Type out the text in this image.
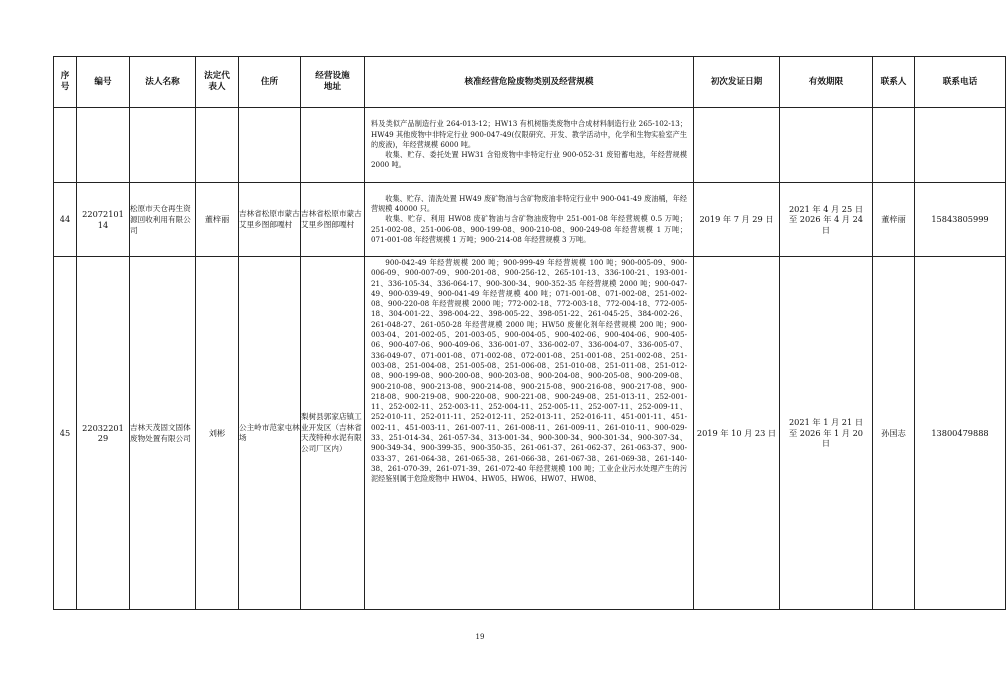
序号	编号	法人名称	法定代表人	住所	经营设施地址	核准经营危险废物类别及经营规模	初次发证日期	有效期限	联系人	联系电话

						料及类似产品制造行业 264-013-12；HW13 有机树脂类废物中合成材料制造行业 265-102-13；HW49 其他废物中非特定行业 900-047-49(仅限研究、开发、教学活动中，化学和生物实验室产生的废液)，年经营规模 6000 吨。

收集、贮存、委托处置 HW31 含铅废物中非特定行业 900-052-31 废铅蓄电池，年经营规模 2000 吨。				

44	2207210114	松原市天仓再生资源回收利用有限公司	董梓丽	吉林省松原市蒙古艾里乡图郎嘎村	吉林省松原市蒙古艾里乡图郎嘎村	收集、贮存、清洗处置 HW49 废矿物油与含矿物废油非特定行业中 900-041-49 废油桶，年经营规模 40000 只。

收集、贮存、利用 HW08 废矿物油与含矿物油废物中 251-001-08 年经营规模 0.5 万吨；251-002-08、251-006-08、900-199-08、900-210-08、900-249-08 年经营规模 1 万吨；071-001-08 年经营规模 1 万吨；900-214-08 年经营规模 3 万吨。	2019 年 7 月 29 日	2021 年 4 月 25 日至 2026 年 4 月 24 日	董梓丽	15843805999
45	2203220129	吉林天茂固文固体废物处置有限公司	刘彬	公主岭市范家屯林场	梨树县郭家店镇工业开发区（吉林省天茂特种水泥有限公司厂区内）	900-042-49 年经营规模 200 吨；900-999-49 年经营规模 100 吨；900-005-09、900-006-09、900-007-09、900-201-08、900-256-12、265-101-13、336-100-21、193-001-21、336-105-34、336-064-17、900-300-34、900-352-35 年经营规模 2000 吨；900-047-49、900-039-49、900-041-49 年经营规模 400 吨；071-001-08、071-002-08、251-002-08、900-220-08 年经营规模 2000 吨；772-002-18、772-003-18、772-004-18、772-005-18、304-001-22、398-004-22、398-005-22、398-051-22、261-045-25、384-002-26、261-048-27、261-050-28 年经营规模 2000 吨；HW50 废催化剂年经营规模 200 吨；900-003-04、201-002-05、201-003-05、900-004-05、900-402-06、900-404-06、900-405-06、900-407-06、900-409-06、336-001-07、336-002-07、336-004-07、336-005-07、336-049-07、071-001-08、071-002-08、072-001-08、251-001-08、251-002-08、251-003-08、251-004-08、251-005-08、251-006-08、251-010-08、251-011-08、251-012-08、900-199-08、900-200-08、900-203-08、900-204-08、900-205-08、900-209-08、900-210-08、900-213-08、900-214-08、900-215-08、900-216-08、900-217-08、900-218-08、900-219-08、900-220-08、900-221-08、900-249-08、251-013-11、252-001-11、252-002-11、252-003-11、252-004-11、252-005-11、252-007-11、252-009-11、252-010-11、252-011-11、252-012-11、252-013-11、252-016-11、451-001-11、451-002-11、451-003-11、261-007-11、261-008-11、261-009-11、261-010-11、900-029-33、251-014-34、261-057-34、313-001-34、900-300-34、900-301-34、900-307-34、900-349-34、900-399-35、900-350-35、261-061-37、261-062-37、261-063-37、900-033-37、261-064-38、261-065-38、261-066-38、261-067-38、261-069-38、261-140-38、261-070-39、261-071-39、261-072-40 年经营规模 100 吨；工业企业污水处理产生的污泥经鉴别属于危险废物中 HW04、HW05、HW06、HW07、HW08、	2019 年 10 月 23 日	2021 年 1 月 21 日至 2026 年 1 月 20 日	孙国志	13800479888
19
